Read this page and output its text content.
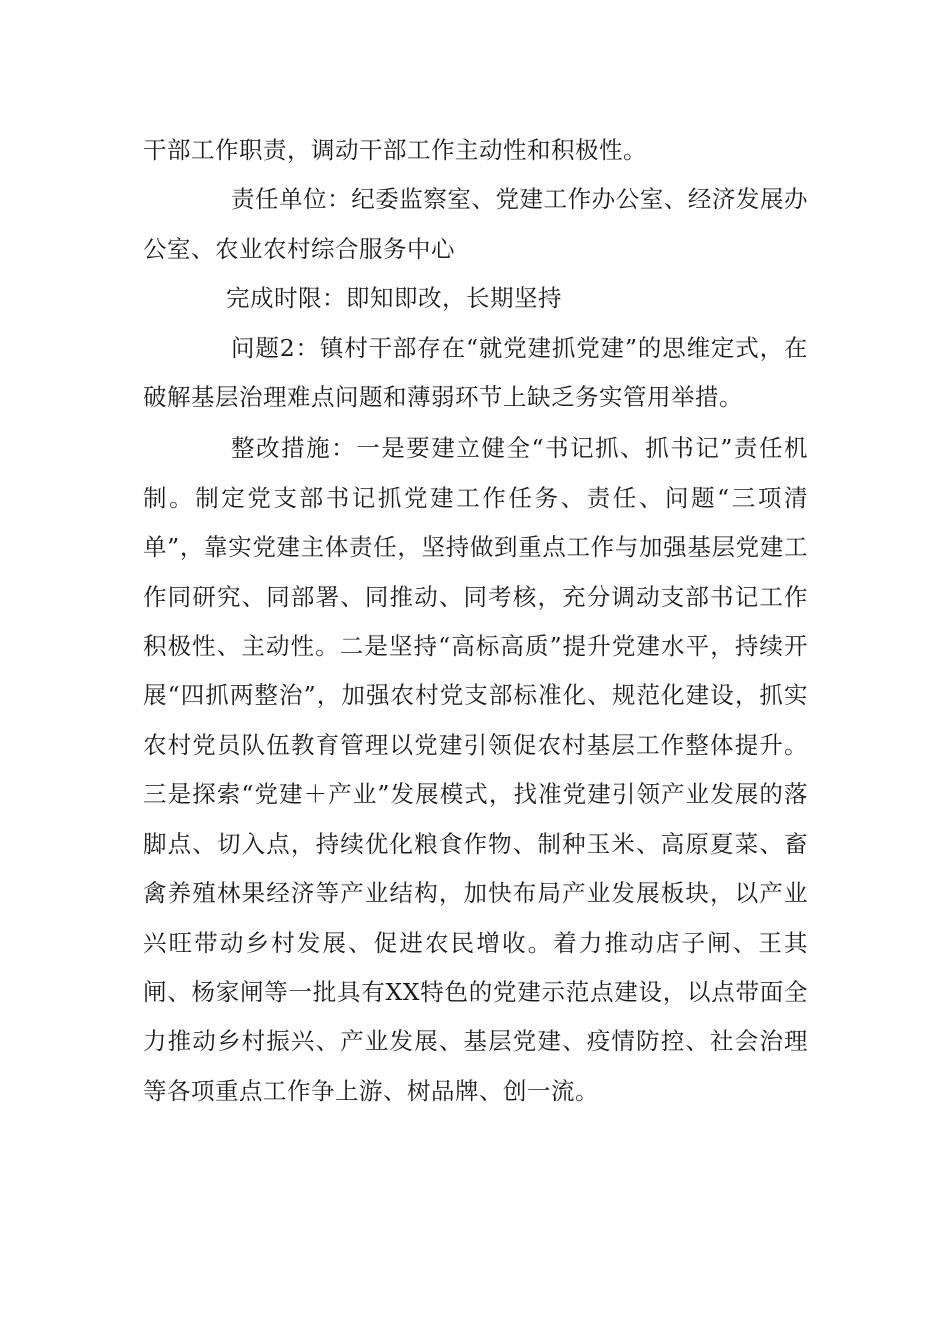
干部工作职责，调动干部工作主动性和积极性。

责任单位：纪委监察室、党建工作办公室、经济发展办公室、农业农村综合服务中心

完成时限：即知即改，长期坚持

问题2：镇村干部存在“就党建抓党建”的思维定式，在破解基层治理难点问题和薄弱环节上缺乏务实管用举措。

整改措施：一是要建立健全“书记抓、抓书记”责任机制。制定党支部书记抓党建工作任务、责任、问题“三项清单”，靠实党建主体责任，坚持做到重点工作与加强基层党建工作同研究、同部署、同推动、同考核，充分调动支部书记工作积极性、主动性。二是坚持“高标高质”提升党建水平，持续开展“四抓两整治”，加强农村党支部标准化、规范化建设，抓实农村党员队伍教育管理以党建引领促农村基层工作整体提升。三是探索“党建＋产业”发展模式，找准党建引领产业发展的落脚点、切入点，持续优化粮食作物、制种玉米、高原夏菜、畜禽养殖林果经济等产业结构，加快布局产业发展板块，以产业兴旺带动乡村发展、促进农民增收。着力推动店子闸、王其闸、杨家闸等一批具有XX特色的党建示范点建设，以点带面全力推动乡村振兴、产业发展、基层党建、疫情防控、社会治理等各项重点工作争上游、树品牌、创一流。
